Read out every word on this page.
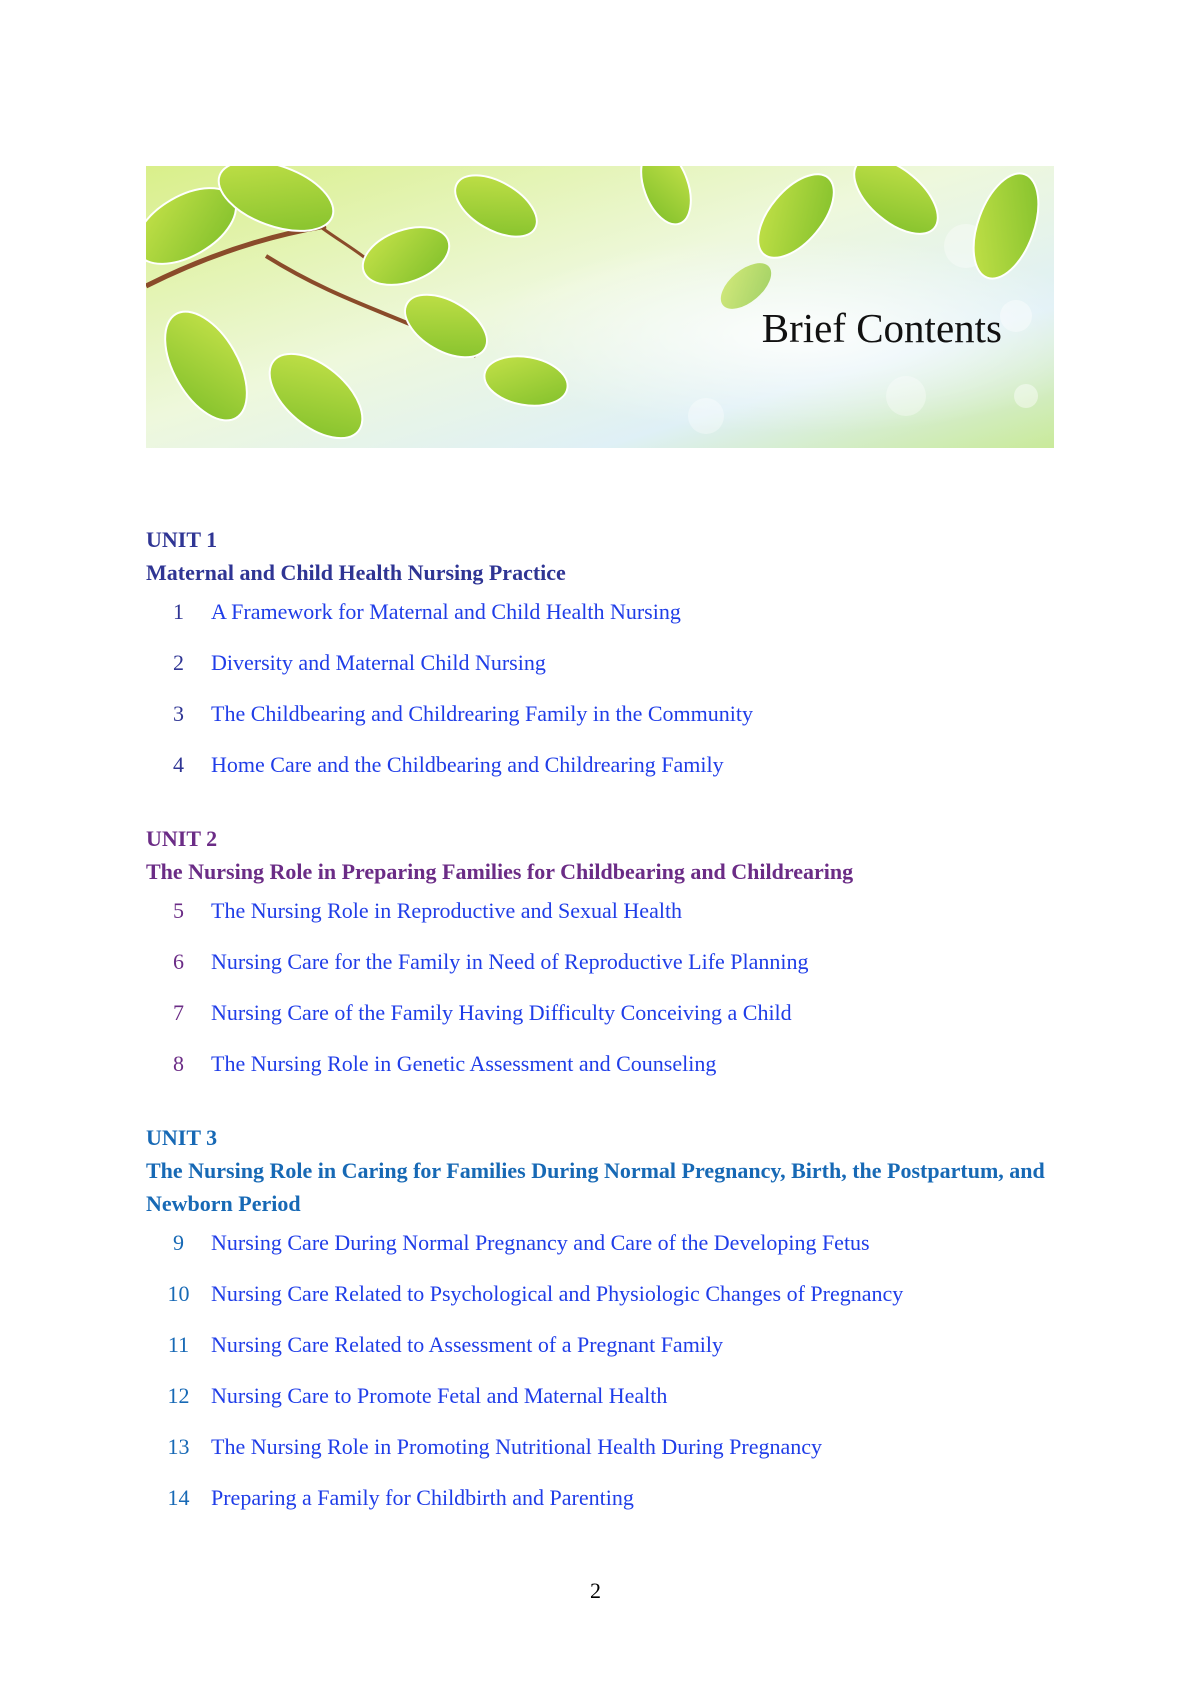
Brief Contents
UNIT 1
Maternal and Child Health Nursing Practice
1	A Framework for Maternal and Child Health Nursing
2	Diversity and Maternal Child Nursing
3	The Childbearing and Childrearing Family in the Community
4	Home Care and the Childbearing and Childrearing Family
UNIT 2
The Nursing Role in Preparing Families for Childbearing and Childrearing
5	The Nursing Role in Reproductive and Sexual Health
6	Nursing Care for the Family in Need of Reproductive Life Planning
7	Nursing Care of the Family Having Difficulty Conceiving a Child
8	The Nursing Role in Genetic Assessment and Counseling
UNIT 3
The Nursing Role in Caring for Families During Normal Pregnancy, Birth, the Postpartum, and Newborn Period
9	Nursing Care During Normal Pregnancy and Care of the Developing Fetus
10 Nursing Care Related to Psychological and Physiologic Changes of Pregnancy
11 Nursing Care Related to Assessment of a Pregnant Family
12 Nursing Care to Promote Fetal and Maternal Health
13 The Nursing Role in Promoting Nutritional Health During Pregnancy
14 Preparing a Family for Childbirth and Parenting
2
